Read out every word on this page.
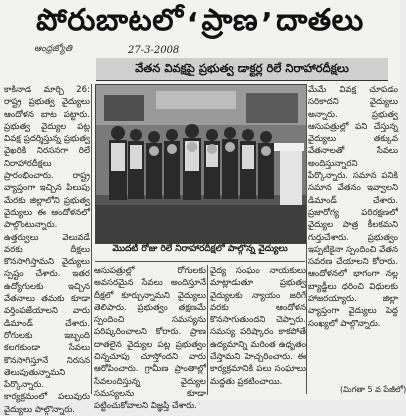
పోరుబాటలో ‘ ప్రాణ ’ దాతలు
ఆంధ్రజ్యోతి	27-3-2008
వేతన వివక్షపై ప్రభుత్వ డాక్టర్ల రిలే నిరాహారదీక్షలు

కాకినాడ మార్చి 26: రాష్ట్ర ప్రభుత్వ వైద్యులు ఆందోళన బాట పట్టారు. ప్రభుత్వ వైద్యుల పట్ల వివక్ష ప్రదర్శిస్తున్న ప్రభుత్వ వైఖరికి నిరసనగా రిలే నిరాహారదీక్షలు ప్రారంభించారు. రాష్ట్ర వ్యాప్తంగా ఇచ్చిన పిలుపు మేరకు జిల్లాలోని ప్రభుత్వ వైద్యులు ఈ ఆందోళనలో పాల్గొంటున్నారు. ఉత్తర్వులు వెలువడే వరకు దీక్షలు కొనసాగిస్తామని వైద్యులు స్పష్టం చేశారు. ఇతర ఉద్యోగులకు ఇచ్చిన వేతనాలు తమకు కూడా వర్తింపజేయాలని వారు డిమాండ్ చేశారు. రోగులకు ఇబ్బంది కలగకుండా సేవలు కొనసాగిస్తూనే నిరసన తెలుపుతున్నామని పేర్కొన్నారు. కార్యక్రమంలో పలువురు వైద్యులు పాల్గొన్నారు.

మొదటి రోజు రిలే నిరాహారదీక్షలో పాల్గొన్న వైద్యులు

ఆసుపత్రుల్లో రోగులకు అవసరమైన సేవలు అందిస్తూనే దీక్షలో కూర్చున్నామని వైద్యులు తెలిపారు. ప్రభుత్వం తక్షణమే స్పందించి సమస్యను పరిష్కరించాలని కోరారు. ప్రాణ దాతలైన వైద్యుల పట్ల ప్రభుత్వం చిన్నచూపు చూస్తోందని వారు ఆరోపించారు. గ్రామీణ ప్రాంతాల్లో సేవలందిస్తున్న వైద్యుల సమస్యలను కూడా పట్టించుకోవాలని విజ్ఞప్తి చేశారు.

వైద్య సంఘం నాయకులు మాట్లాడుతూ ప్రభుత్వ వైద్యులకు న్యాయం జరిగే వరకు ఆందోళన కొనసాగుతుందని చెప్పారు. సమస్య పరిష్కారం కాకపోతే ఉద్యమాన్ని మరింత ఉధృతం చేస్తామని హెచ్చరించారు. ఈ కార్యక్రమానికి పలు సంఘాలు మద్దతు ప్రకటించాయి.

మేమే వివక్ష చూపడం సరికాదని వైద్యులు అన్నారు. ప్రభుత్వ ఆసుపత్రుల్లో పని చేస్తున్న వైద్యులు తక్కువ వేతనాలతో సేవలు అందిస్తున్నారని పేర్కొన్నారు. సమాన పనికి సమాన వేతనం ఇవ్వాలని డిమాండ్ చేశారు. ప్రజారోగ్య పరిరక్షణలో వైద్యుల పాత్ర కీలకమని గుర్తుచేశారు. ప్రభుత్వం ఇప్పటికైనా స్పందించి వేతన సవరణ చేయాలని కోరారు. ఆందోళనలో భాగంగా నల్ల బ్యాడ్జీలు ధరించి విధులకు హాజరయ్యారు. జిల్లా వ్యాప్తంగా వైద్యులు పెద్ద సంఖ్యలో పాల్గొన్నారు.

(మిగతా 5 వ పేజీలో)
